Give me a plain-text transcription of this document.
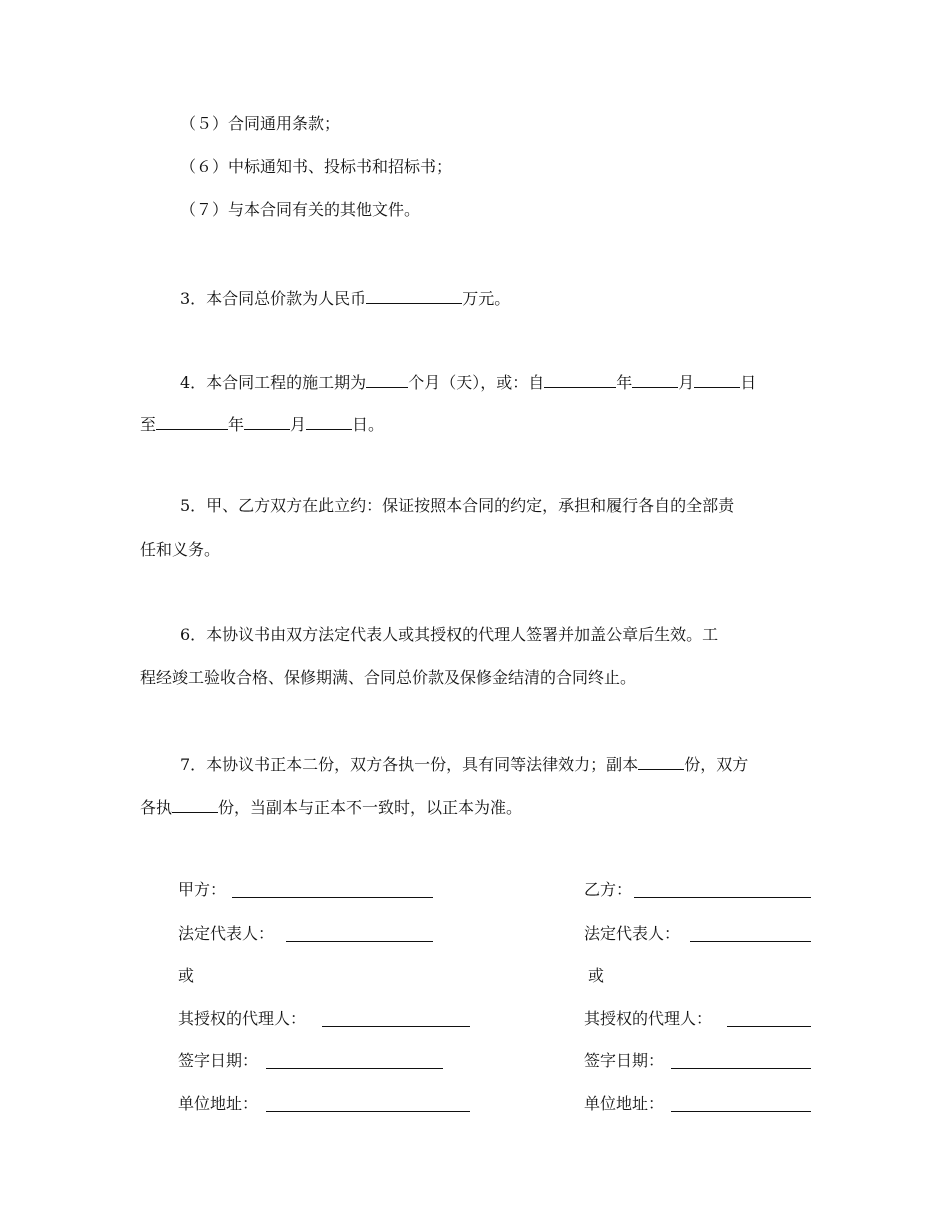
（５）合同通用条款；
（６）中标通知书、投标书和招标书；
（７）与本合同有关的其他文件。
3．本合同总价款为人民币	万元。
4．本合同工程的施工期为	个月（天），或：自	年	月	日
至	年	月	日。
5．甲、乙方双方在此立约：保证按照本合同的约定，承担和履行各自的全部责
任和义务。
6．本协议书由双方法定代表人或其授权的代理人签署并加盖公章后生效。工
程经竣工验收合格、保修期满、合同总价款及保修金结清的合同终止。
7．本协议书正本二份，双方各执一份，具有同等法律效力；副本	份，双方
各执	份，当副本与正本不一致时，以正本为准。
甲方：
法定代表人：
或
其授权的代理人：
签字日期：
单位地址：
乙方：
法定代表人：
或
其授权的代理人：
签字日期：
单位地址：
